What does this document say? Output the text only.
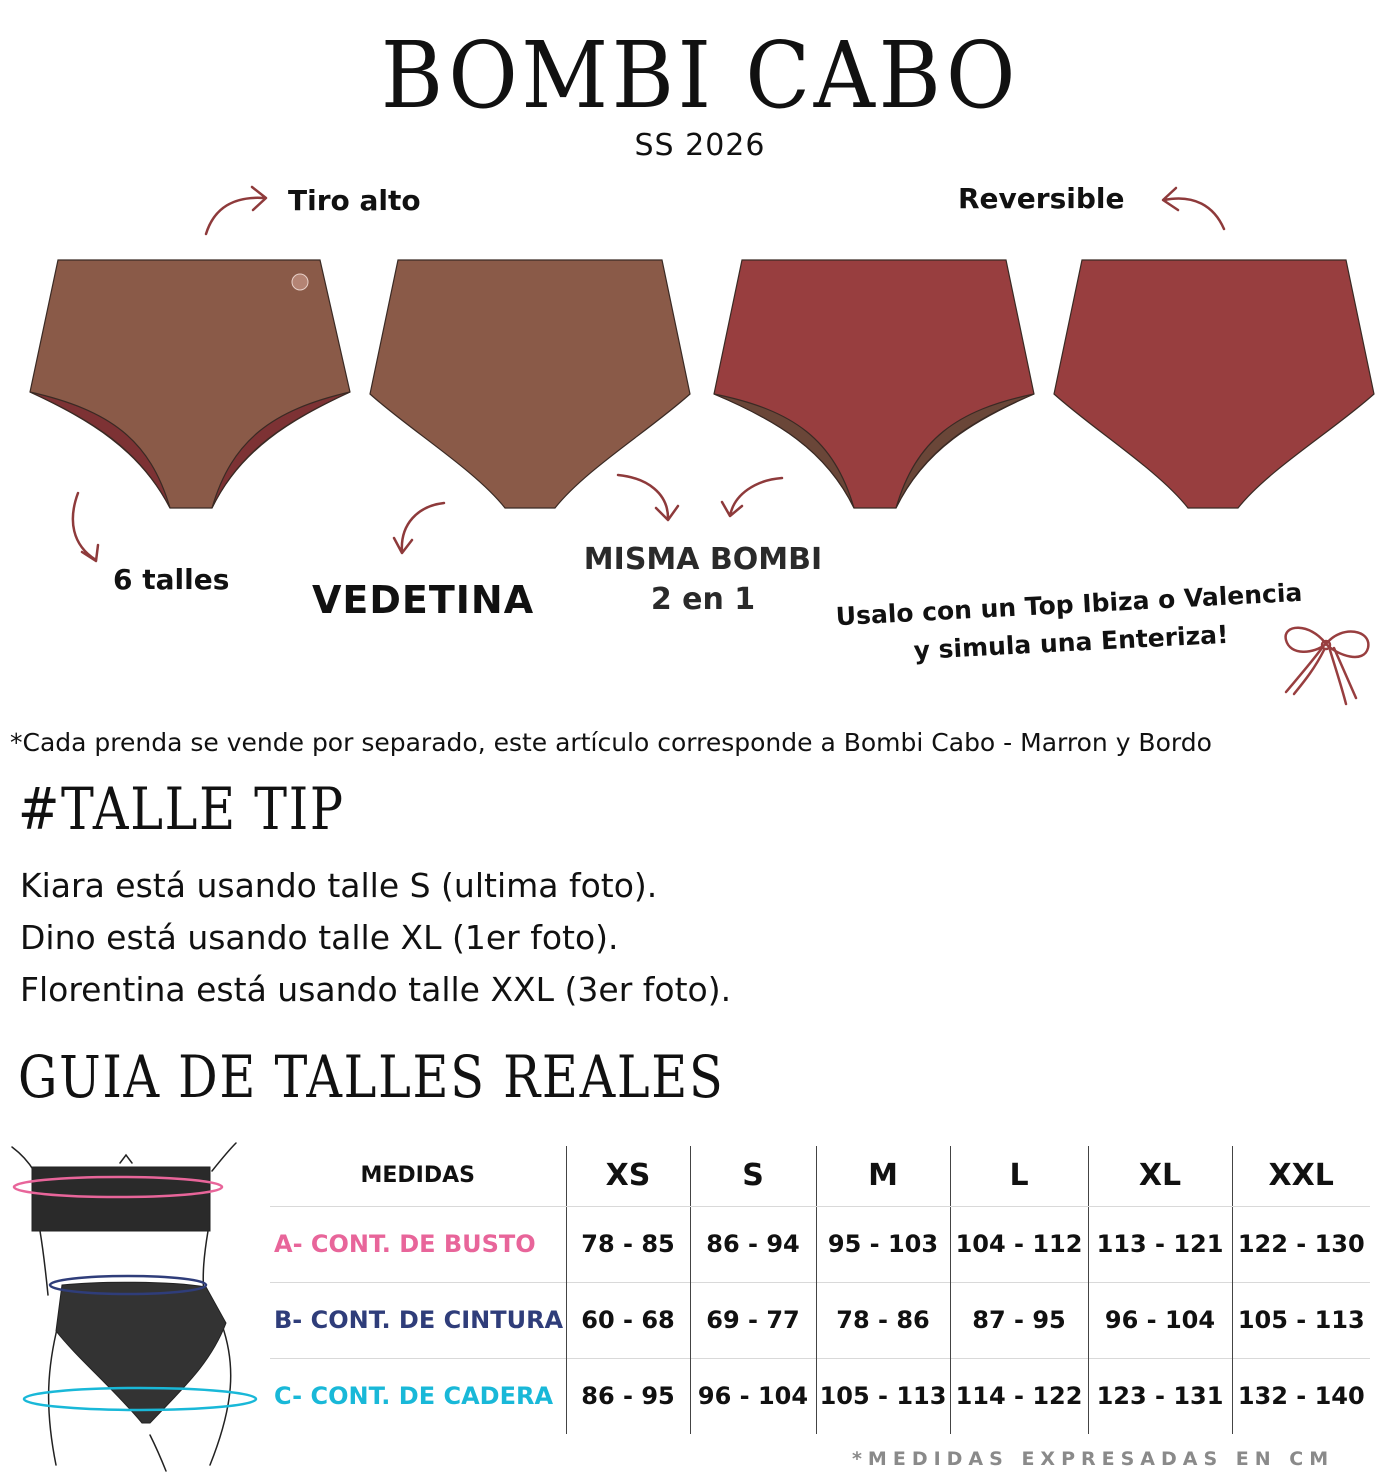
BOMBI CABO
SS 2026
Tiro alto	Reversible
6 talles VEDETINA
MISMA BOMBI
2 en 1	Usalo con un Top Ibiza o Valencia
y simula una Enteriza!
*Cada prenda se vende por separado, este artículo corresponde a Bombi Cabo - Marron y Bordo
#TALLE TIP
Kiara está usando talle S (ultima foto).
Dino está usando talle XL (1er foto).
Florentina está usando talle XXL (3er foto).
GUIA DE TALLES REALES
MEDIDAS	XS	S	M	L	XL	XXL
A- CONT. DE BUSTO	78 - 85	86 - 94	95 - 103	104 - 112	113 - 121	122 - 130
B- CONT. DE CINTURA	60 - 68	69 - 77	78 - 86	87 - 95	96 - 104	105 - 113
C- CONT. DE CADERA	86 - 95	96 - 104	105 - 113	114 - 122	123 - 131	132 - 140
*MEDIDAS EXPRESADAS EN CM
